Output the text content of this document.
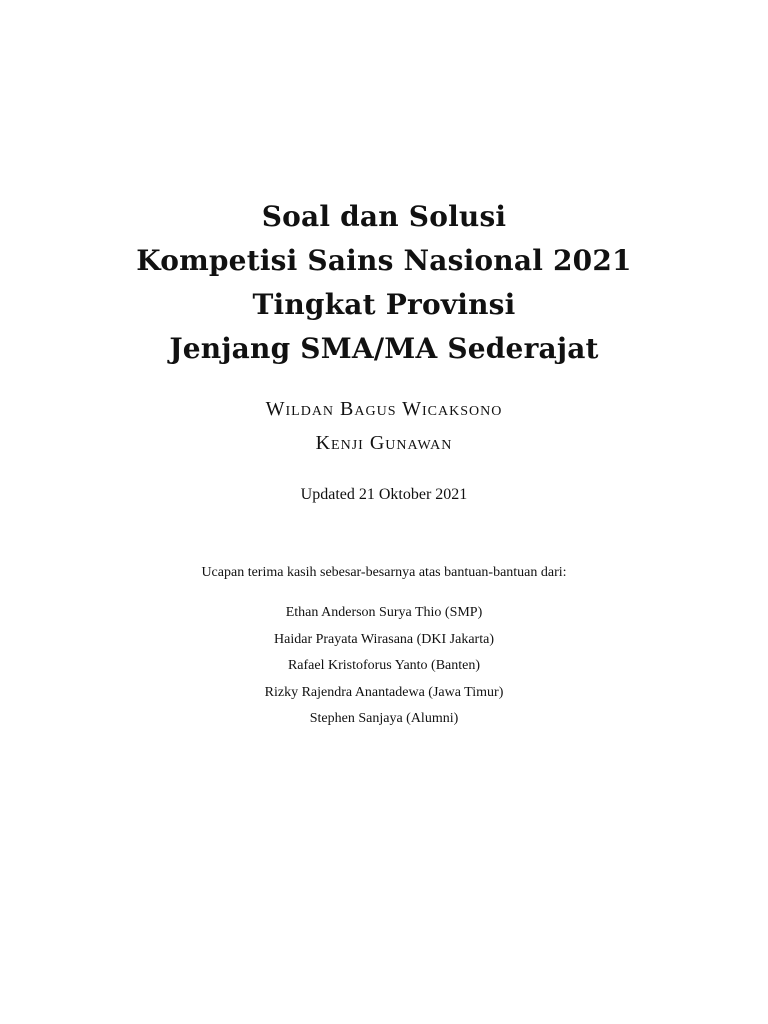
Soal dan Solusi
Kompetisi Sains Nasional 2021
Tingkat Provinsi
Jenjang SMA/MA Sederajat
Wildan Bagus Wicaksono
Kenji Gunawan
Updated 21 Oktober 2021
Ucapan terima kasih sebesar-besarnya atas bantuan-bantuan dari:
Ethan Anderson Surya Thio (SMP)
Haidar Prayata Wirasana (DKI Jakarta)
Rafael Kristoforus Yanto (Banten)
Rizky Rajendra Anantadewa (Jawa Timur)
Stephen Sanjaya (Alumni)
